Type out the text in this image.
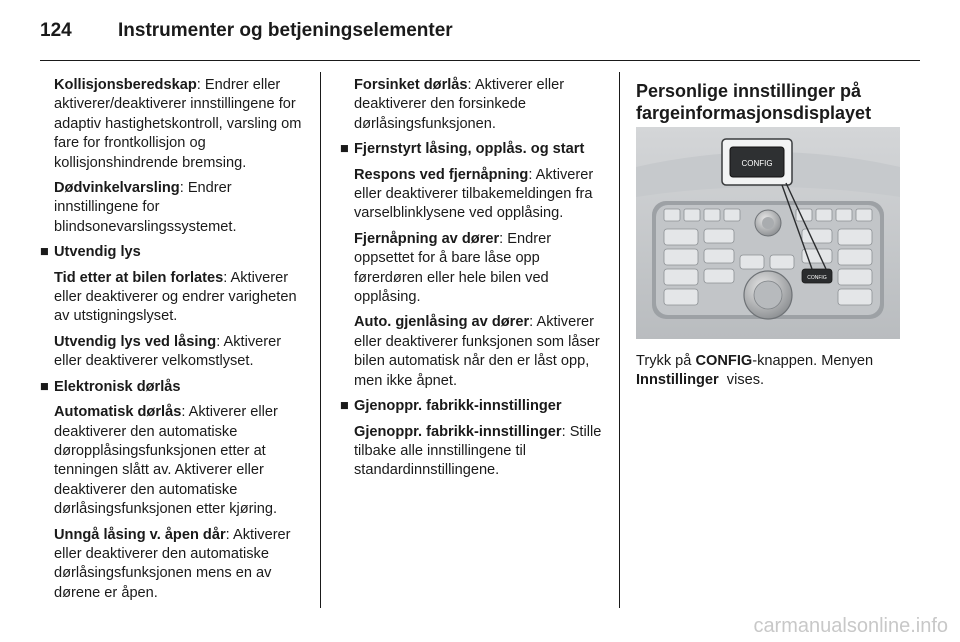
124 Instrumenter og betjeningselementer

Kollisjonsberedskap: Endrer eller aktiverer/deaktiverer innstillingene for adaptiv hastighetskontroll, varsling om fare for frontkollisjon og kollisjonshindrende bremsing.

Dødvinkelvarsling: Endrer innstillingene for blindsonevarslingssystemet.

■ Utvendig lys

Tid etter at bilen forlates: Aktiverer eller deaktiverer og endrer varigheten av utstigningslyset.

Utvendig lys ved låsing: Aktiverer eller deaktiverer velkomstlyset.

■ Elektronisk dørlås

Automatisk dørlås: Aktiverer eller deaktiverer den automatiske døropplåsingsfunksjonen etter at tenningen slått av. Aktiverer eller deaktiverer den automatiske dørlåsingsfunksjonen etter kjøring.

Unngå låsing v. åpen dår: Aktiverer eller deaktiverer den automatiske dørlåsingsfunksjonen mens en av dørene er åpen.

Forsinket dørlås: Aktiverer eller deaktiverer den forsinkede dørlåsingsfunksjonen.

■ Fjernstyrt låsing, opplås. og start

Respons ved fjernåpning: Aktiverer eller deaktiverer tilbakemeldingen fra varselblinklysene ved opplåsing.

Fjernåpning av dører: Endrer oppsettet for å bare låse opp førerdøren eller hele bilen ved opplåsing.

Auto. gjenlåsing av dører: Aktiverer eller deaktiverer funksjonen som låser bilen automatisk når den er låst opp, men ikke åpnet.

■ Gjenoppr. fabrikk-innstillinger

Gjenoppr. fabrikk-innstillinger: Stille tilbake alle innstillingene til standardinnstillingene.

Personlige innstillinger på fargeinformasjonsdisplayet
CONFIG
CONFIG
Trykk på CONFIG-knappen. Menyen Innstillinger  vises.
carmanualsonline.info
